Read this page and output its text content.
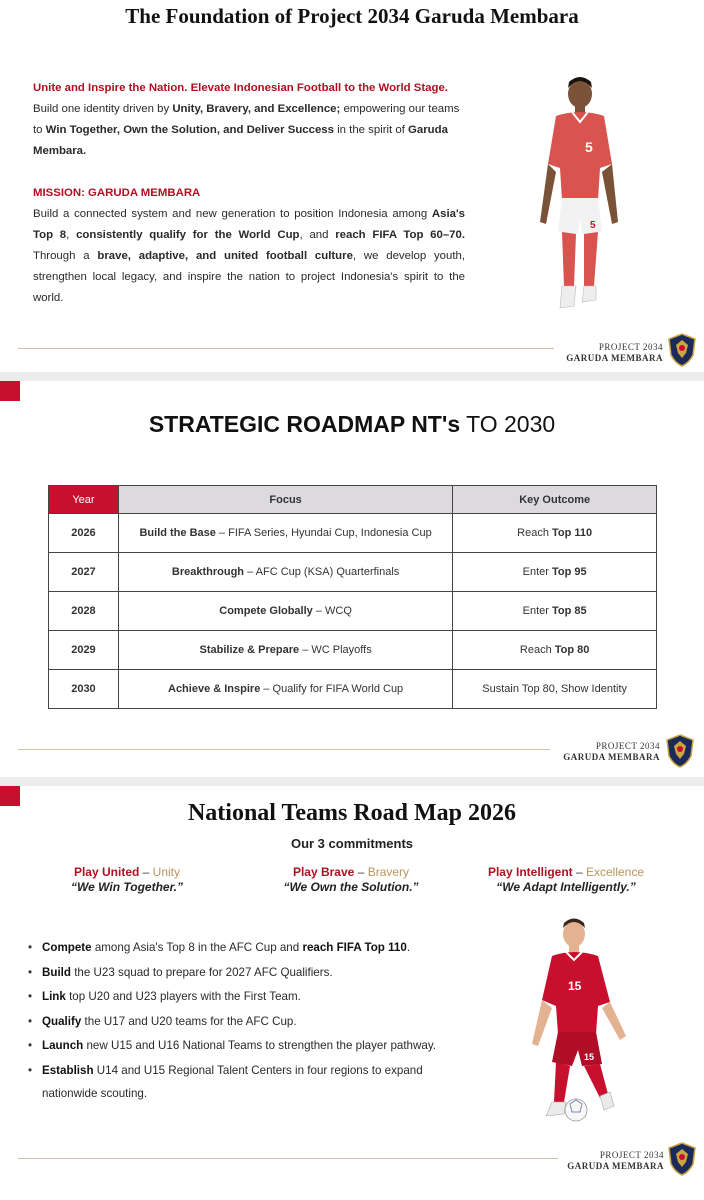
The Foundation of Project 2034 Garuda Membara

Unite and Inspire the Nation. Elevate Indonesian Football to the World Stage.
Build one identity driven by Unity, Bravery, and Excellence; empowering our teams to Win Together, Own the Solution, and Deliver Success in the spirit of Garuda Membara.

MISSION: GARUDA MEMBARA

Build a connected system and new generation to position Indonesia among Asia's Top 8, consistently qualify for the World Cup, and reach FIFA Top 60–70. Through a brave, adaptive, and united football culture, we develop youth, strengthen local legacy, and inspire the nation to project Indonesia's spirit to the world.

5
5
PROJECT 2034
GARUDA MEMBARA
STRATEGIC ROADMAP NT's TO 2030
Year	Focus	Key Outcome
2026	Build the Base – FIFA Series, Hyundai Cup, Indonesia Cup	Reach Top 110
2027	Breakthrough – AFC Cup (KSA) Quarterfinals	Enter Top 95
2028	Compete Globally – WCQ	Enter Top 85
2029	Stabilize & Prepare – WC Playoffs	Reach Top 80
2030	Achieve & Inspire – Qualify for FIFA World Cup	Sustain Top 80, Show Identity
PROJECT 2034
GARUDA MEMBARA
National Teams Road Map 2026
Our 3 commitments
Play United – Unity
“We Win Together.”
Play Brave – Bravery
“We Own the Solution.”
Play Intelligent – Excellence
“We Adapt Intelligently.”
• Compete among Asia's Top 8 in the AFC Cup and reach FIFA Top 110.
• Build the U23 squad to prepare for 2027 AFC Qualifiers.
• Link top U20 and U23 players with the First Team.
• Qualify the U17 and U20 teams for the AFC Cup.
• Launch new U15 and U16 National Teams to strengthen the player pathway.
• Establish U14 and U15 Regional Talent Centers in four regions to expand nationwide scouting.
15
15
PROJECT 2034
GARUDA MEMBARA
